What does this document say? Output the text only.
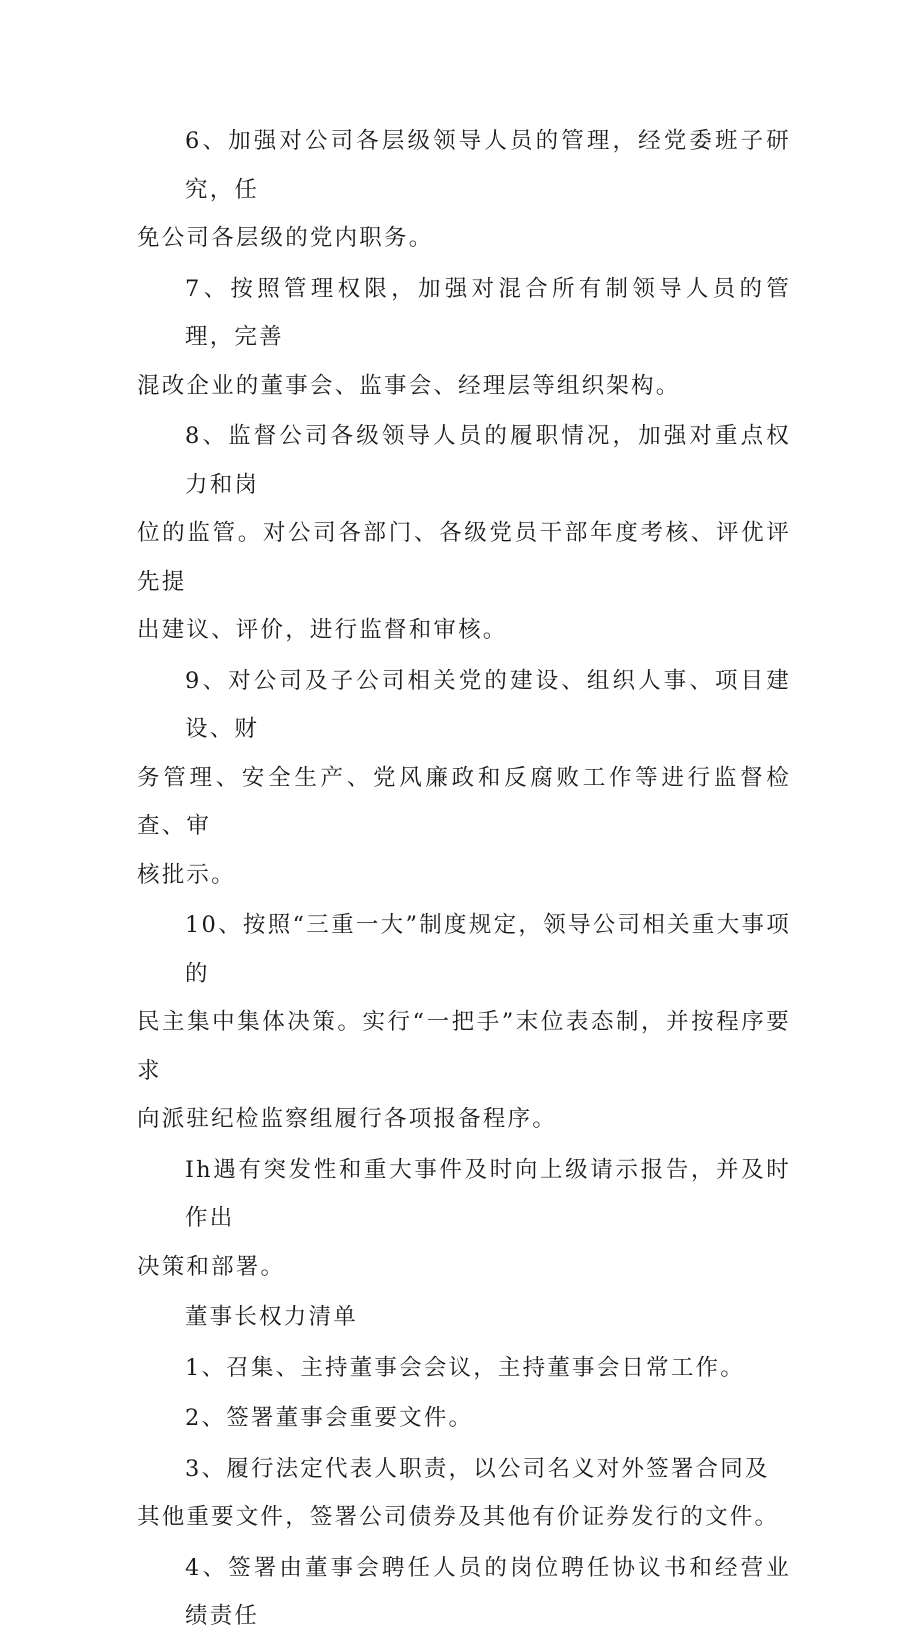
6、加强对公司各层级领导人员的管理，经党委班子研究，任
免公司各层级的党内职务。

7、按照管理权限，加强对混合所有制领导人员的管理，完善
混改企业的董事会、监事会、经理层等组织架构。

8、监督公司各级领导人员的履职情况，加强对重点权力和岗
位的监管。对公司各部门、各级党员干部年度考核、评优评先提
出建议、评价，进行监督和审核。

9、对公司及子公司相关党的建设、组织人事、项目建设、财
务管理、安全生产、党风廉政和反腐败工作等进行监督检查、审
核批示。

10、按照“三重一大”制度规定，领导公司相关重大事项的
民主集中集体决策。实行“一把手”末位表态制，并按程序要求
向派驻纪检监察组履行各项报备程序。

Ih遇有突发性和重大事件及时向上级请示报告，并及时作出
决策和部署。

董事长权力清单

1、召集、主持董事会会议，主持董事会日常工作。

2、签署董事会重要文件。

3、履行法定代表人职责，以公司名义对外签署合同及
其他重要文件，签署公司债券及其他有价证券发行的文件。

4、签署由董事会聘任人员的岗位聘任协议书和经营业绩责任
